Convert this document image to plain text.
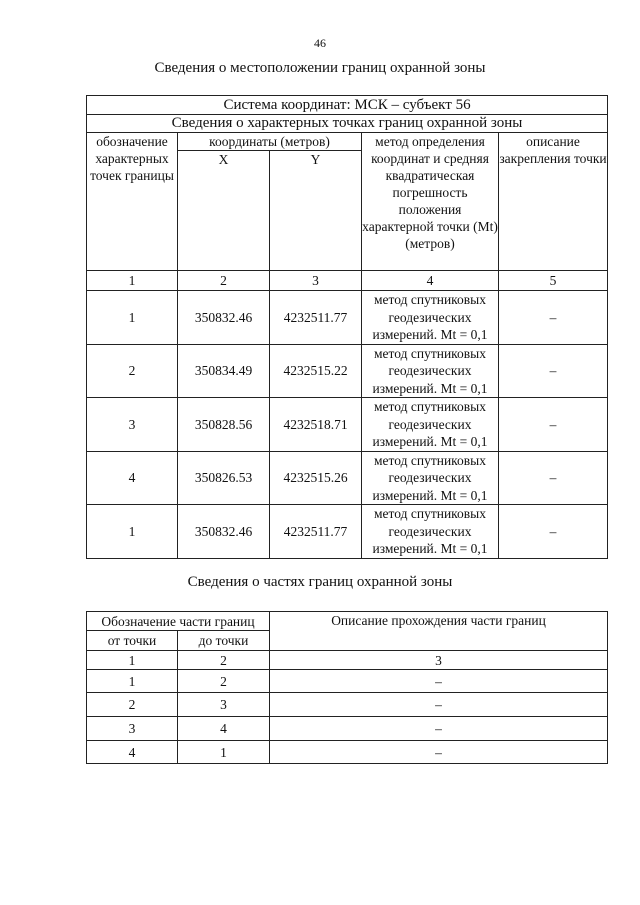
46
Сведения о местоположении границ охранной зоны
Система координат: МСК – субъект 56				
Сведения о характерных точках границ охранной зоны				
обозначение характерных точек границы	координаты (метров)		метод определения координат и средняя квадратическая погрешность положения характерной точки (Mt) (метров)	описание закрепления точки
	X	Y		
1	2	3	4	5
1	350832.46	4232511.77	метод спутниковых геодезических измерений. Mt = 0,1	–
2	350834.49	4232515.22	метод спутниковых геодезических измерений. Mt = 0,1	–
3	350828.56	4232518.71	метод спутниковых геодезических измерений. Mt = 0,1	–
4	350826.53	4232515.26	метод спутниковых геодезических измерений. Mt = 0,1	–
1	350832.46	4232511.77	метод спутниковых геодезических измерений. Mt = 0,1	–
Сведения о частях границ охранной зоны
Обозначение части границ		Описание прохождения части границ
от точки	до точки	
1	2	3
1	2	–
2	3	–
3	4	–
4	1	–
